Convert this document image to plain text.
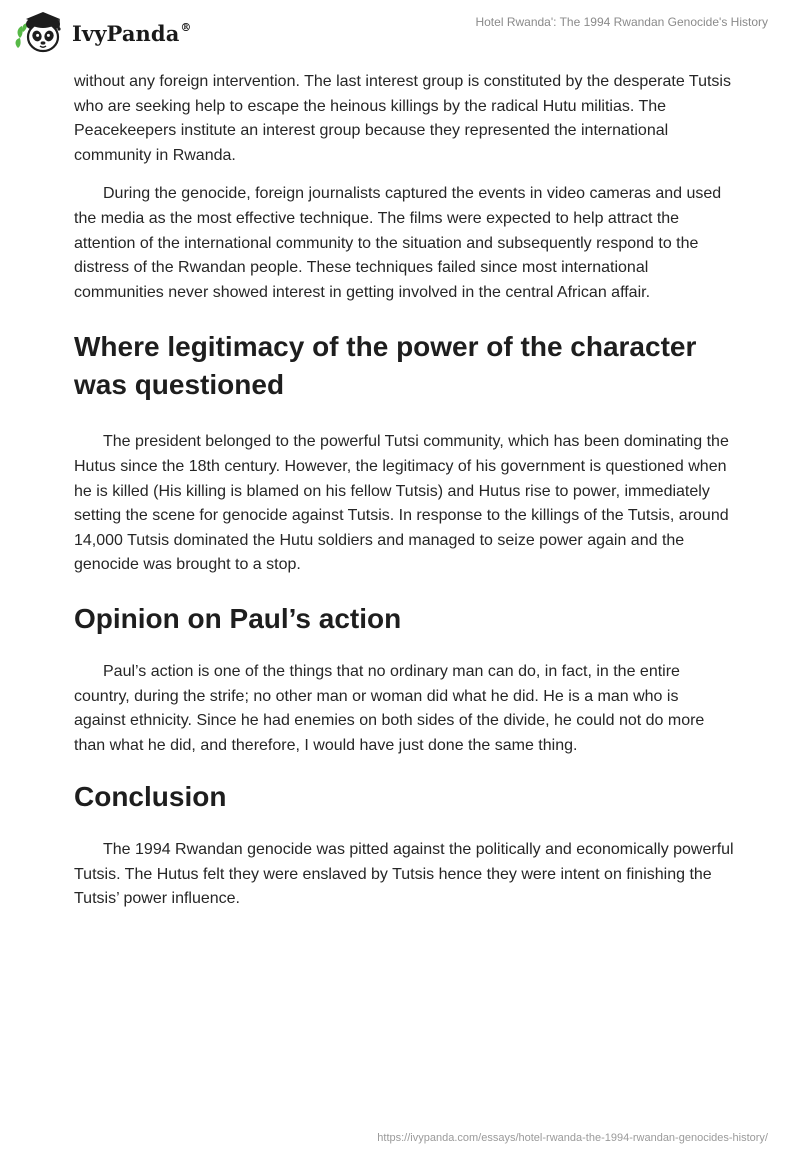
IvyPanda®	Hotel Rwanda': The 1994 Rwandan Genocide's History

without any foreign intervention. The last interest group is constituted by the desperate Tutsis who are seeking help to escape the heinous killings by the radical Hutu militias. The Peacekeepers institute an interest group because they represented the international community in Rwanda.

During the genocide, foreign journalists captured the events in video cameras and used the media as the most effective technique. The films were expected to help attract the attention of the international community to the situation and subsequently respond to the distress of the Rwandan people. These techniques failed since most international communities never showed interest in getting involved in the central African affair.

Where legitimacy of the power of the character was questioned

The president belonged to the powerful Tutsi community, which has been dominating the Hutus since the 18th century. However, the legitimacy of his government is questioned when he is killed (His killing is blamed on his fellow Tutsis) and Hutus rise to power, immediately setting the scene for genocide against Tutsis. In response to the killings of the Tutsis, around 14,000 Tutsis dominated the Hutu soldiers and managed to seize power again and the genocide was brought to a stop.

Opinion on Paul’s action

Paul’s action is one of the things that no ordinary man can do, in fact, in the entire country, during the strife; no other man or woman did what he did. He is a man who is against ethnicity. Since he had enemies on both sides of the divide, he could not do more than what he did, and therefore, I would have just done the same thing.

Conclusion

The 1994 Rwandan genocide was pitted against the politically and economically powerful Tutsis. The Hutus felt they were enslaved by Tutsis hence they were intent on finishing the Tutsis’ power influence.

https://ivypanda.com/essays/hotel-rwanda-the-1994-rwandan-genocides-history/
